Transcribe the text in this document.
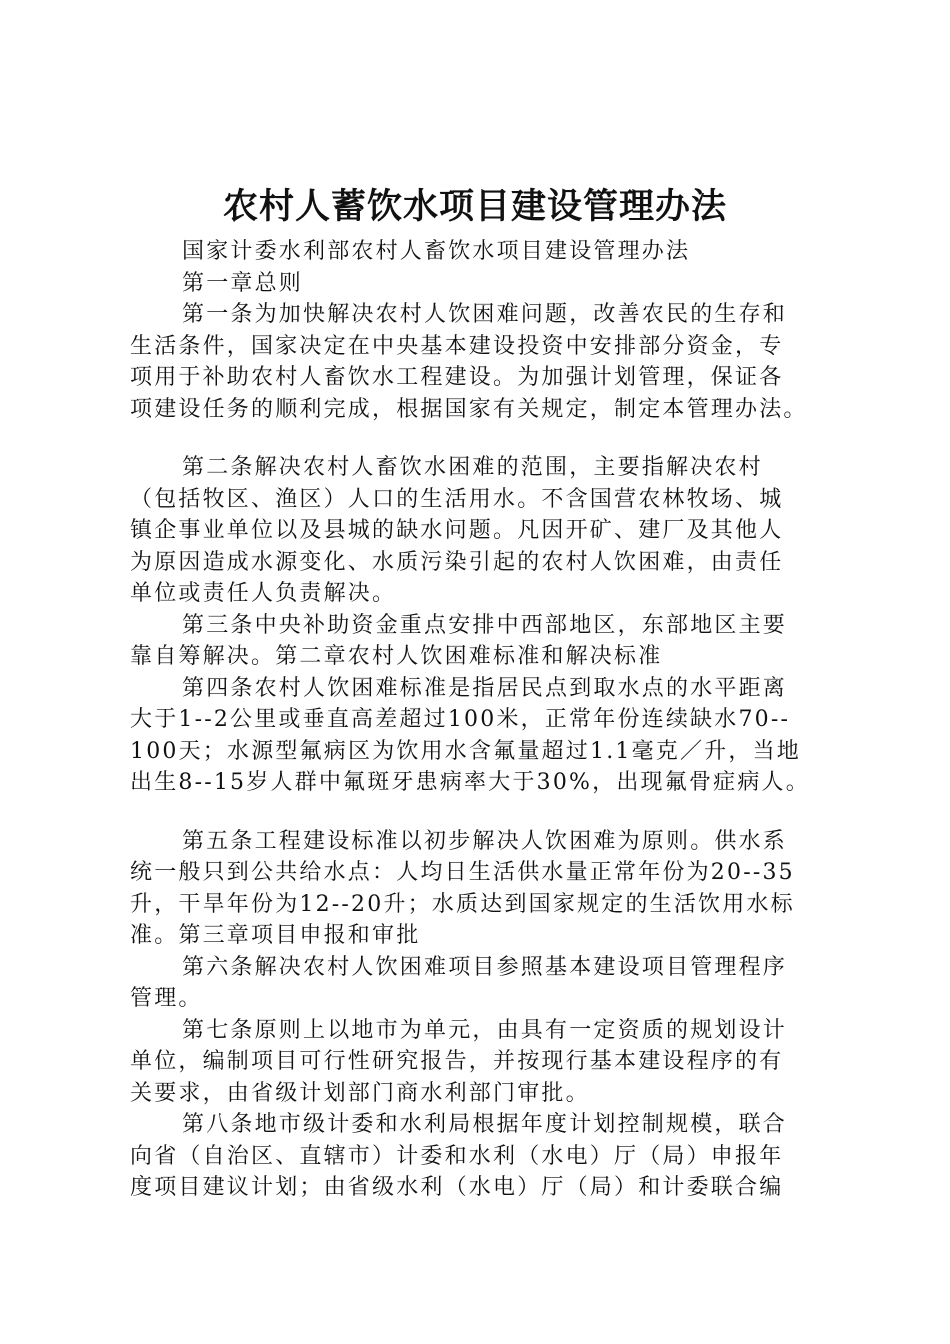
农村人蓄饮水项目建设管理办法
国家计委水利部农村人畜饮水项目建设管理办法
第一章总则
第一条为加快解决农村人饮困难问题，改善农民的生存和
生活条件，国家决定在中央基本建设投资中安排部分资金，专
项用于补助农村人畜饮水工程建设。为加强计划管理，保证各
项建设任务的顺利完成，根据国家有关规定，制定本管理办法。
第二条解决农村人畜饮水困难的范围，主要指解决农村
（包括牧区、渔区）人口的生活用水。不含国营农林牧场、城
镇企事业单位以及县城的缺水问题。凡因开矿、建厂及其他人
为原因造成水源变化、水质污染引起的农村人饮困难，由责任
单位或责任人负责解决。
第三条中央补助资金重点安排中西部地区，东部地区主要
靠自筹解决。第二章农村人饮困难标准和解决标准
第四条农村人饮困难标准是指居民点到取水点的水平距离
大于1--2公里或垂直高差超过100米，正常年份连续缺水70--
100天；水源型氟病区为饮用水含氟量超过1.1毫克／升，当地
出生8--15岁人群中氟斑牙患病率大于30%，出现氟骨症病人。
第五条工程建设标准以初步解决人饮困难为原则。供水系
统一般只到公共给水点：人均日生活供水量正常年份为20--35
升，干旱年份为12--20升；水质达到国家规定的生活饮用水标
准。第三章项目申报和审批
第六条解决农村人饮困难项目参照基本建设项目管理程序
管理。
第七条原则上以地市为单元，由具有一定资质的规划设计
单位，编制项目可行性研究报告，并按现行基本建设程序的有
关要求，由省级计划部门商水利部门审批。
第八条地市级计委和水利局根据年度计划控制规模，联合
向省（自治区、直辖市）计委和水利（水电）厅（局）申报年
度项目建议计划；由省级水利（水电）厅（局）和计委联合编
